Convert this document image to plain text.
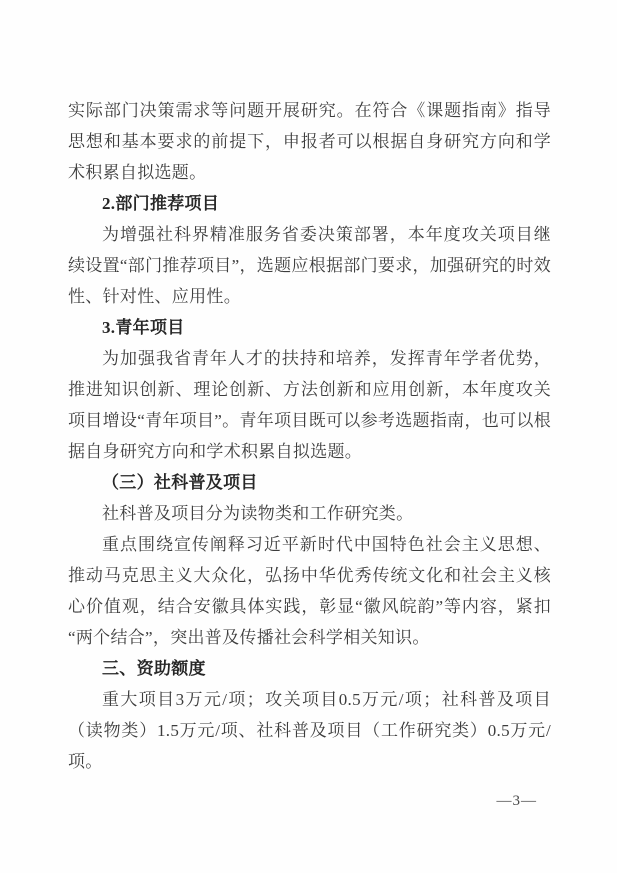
实际部门决策需求等问题开展研究。在符合《课题指南》指导思想和基本要求的前提下，申报者可以根据自身研究方向和学术积累自拟选题。

2.部门推荐项目

为增强社科界精准服务省委决策部署，本年度攻关项目继续设置“部门推荐项目”，选题应根据部门要求，加强研究的时效性、针对性、应用性。

3.青年项目

为加强我省青年人才的扶持和培养，发挥青年学者优势，推进知识创新、理论创新、方法创新和应用创新，本年度攻关项目增设“青年项目”。青年项目既可以参考选题指南，也可以根据自身研究方向和学术积累自拟选题。

（三）社科普及项目

社科普及项目分为读物类和工作研究类。

重点围绕宣传阐释习近平新时代中国特色社会主义思想、推动马克思主义大众化，弘扬中华优秀传统文化和社会主义核心价值观，结合安徽具体实践，彰显“徽风皖韵”等内容，紧扣“两个结合”，突出普及传播社会科学相关知识。

三、资助额度

重大项目3万元/项；攻关项目0.5万元/项；社科普及项目（读物类）1.5万元/项、社科普及项目（工作研究类）0.5万元/项。

—3—
